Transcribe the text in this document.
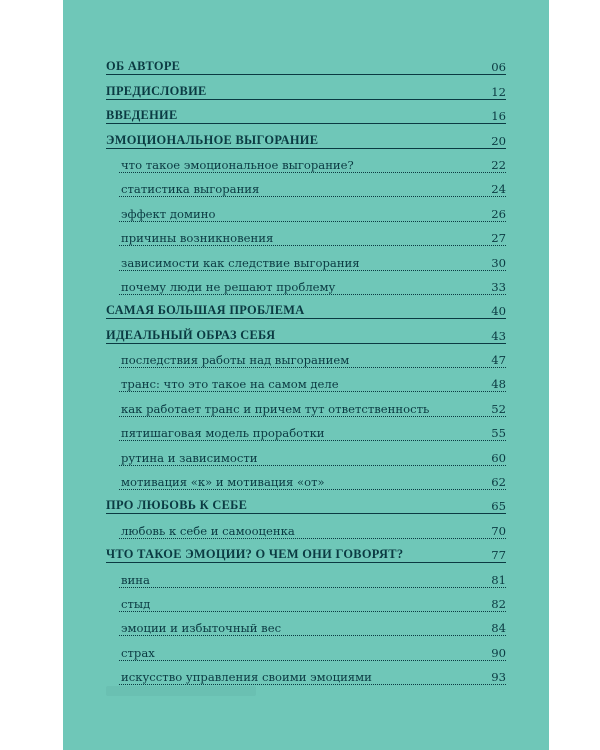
ОБ АВТОРЕ	06
ПРЕДИСЛОВИЕ	12
ВВЕДЕНИЕ	16
ЭМОЦИОНАЛЬНОЕ ВЫГОРАНИЕ	20
что такое эмоциональное выгорание?	22
статистика выгорания	24
эффект домино	26
причины возникновения	27
зависимости как следствие выгорания	30
почему люди не решают проблему	33
САМАЯ БОЛЬШАЯ ПРОБЛЕМА	40
ИДЕАЛЬНЫЙ ОБРАЗ СЕБЯ	43
последствия работы над выгоранием	47
транс: что это такое на самом деле	48
как работает транс и причем тут ответственность	52
пятишаговая модель проработки	55
рутина и зависимости	60
мотивация «к» и мотивация «от»	62
ПРО ЛЮБОВЬ К СЕБЕ	65
любовь к себе и самооценка	70
ЧТО ТАКОЕ ЭМОЦИИ? О ЧЕМ ОНИ ГОВОРЯТ?	77
вина	81
стыд	82
эмоции и избыточный вес	84
страх	90
искусство управления своими эмоциями	93
